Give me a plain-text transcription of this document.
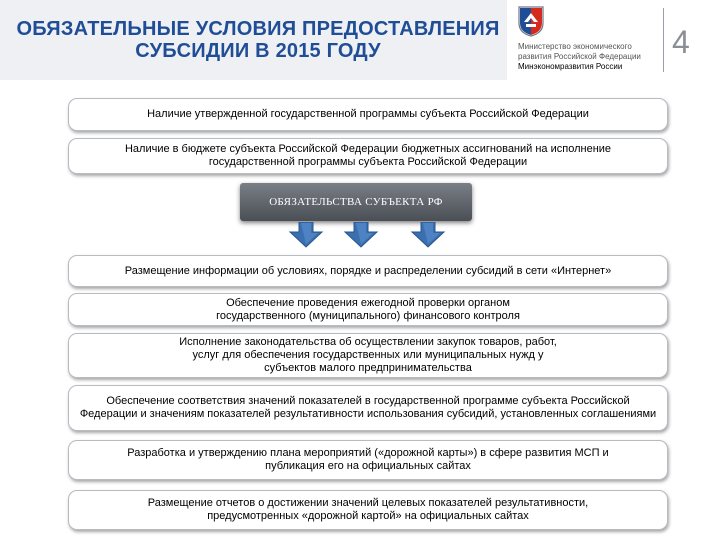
ОБЯЗАТЕЛЬНЫЕ УСЛОВИЯ ПРЕДОСТАВЛЕНИЯ
СУБСИДИИ В 2015 ГОДУ	Министерство экономического
развития Российской Федерации
Минэкономразвития России
4
Наличие утвержденной государственной программы субъекта Российской Федерации
Наличие в бюджете субъекта Российской Федерации бюджетных ассигнований на исполнение государственной программы субъекта Российской Федерации
ОБЯЗАТЕЛЬСТВА СУБЪЕКТА РФ
Размещение информации об условиях, порядке и распределении субсидий в сети «Интернет»
Обеспечение проведения ежегодной проверки органом государственного (муниципального) финансового контроля
Исполнение законодательства об осуществлении закупок товаров, работ, услуг для обеспечения государственных или муниципальных нужд у субъектов малого предпринимательства
Обеспечение соответствия значений показателей в государственной программе субъекта Российской Федерации и значениям показателей результативности использования субсидий, установленных соглашениями
Разработка и утверждению плана мероприятий («дорожной карты») в сфере развития МСП и публикация его на официальных сайтах
Размещение отчетов о достижении значений целевых показателей результативности, предусмотренных «дорожной картой» на официальных сайтах
